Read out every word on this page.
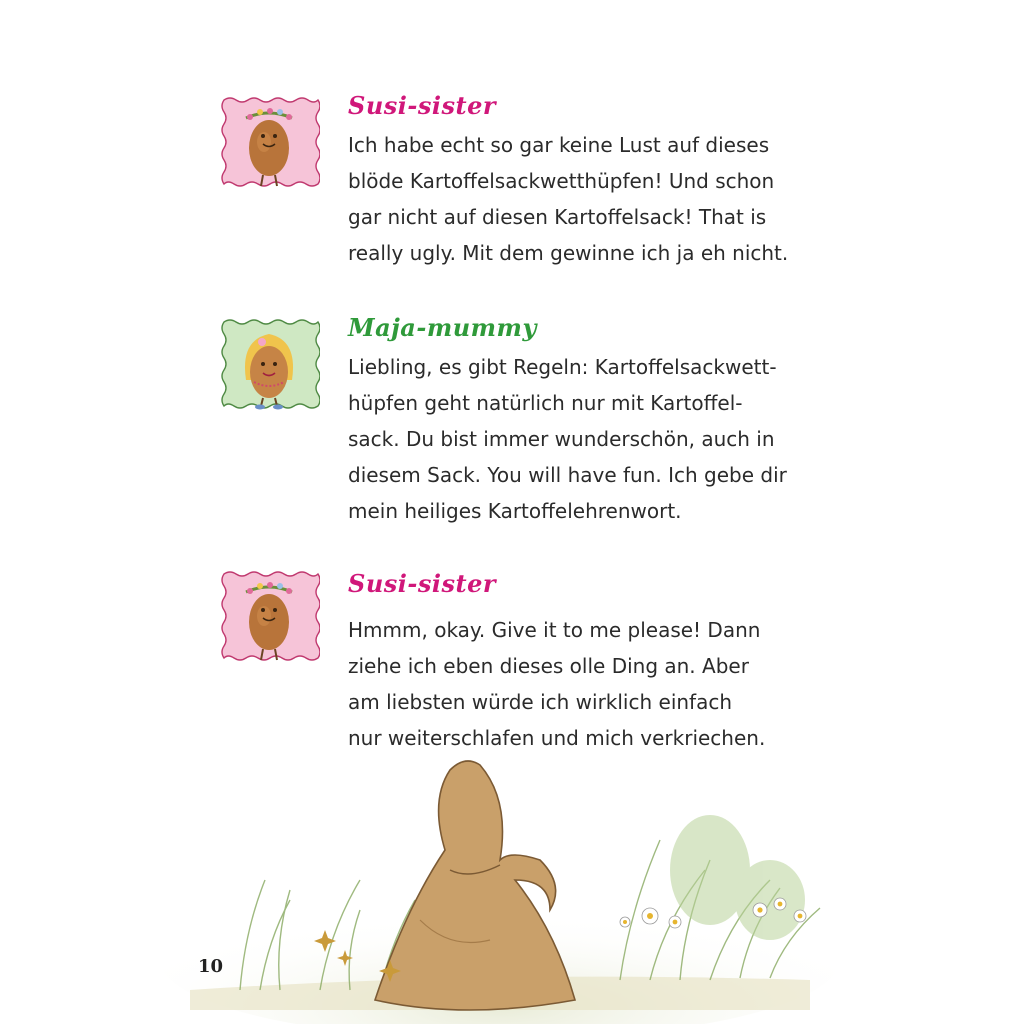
Susi-sister
Ich habe echt so gar keine Lust auf dieses
blöde Kartoffelsackwetthüpfen! Und schon
gar nicht auf diesen Kartoffelsack! That is
really ugly. Mit dem gewinne ich ja eh nicht.
Maja-mummy
Liebling, es gibt Regeln: Kartoffelsackwett-
hüpfen geht natürlich nur mit Kartoffel-
sack. Du bist immer wunderschön, auch in
diesem Sack. You will have fun. Ich gebe dir
mein heiliges Kartoffelehrenwort.
Susi-sister
Hmmm, okay. Give it to me please! Dann
ziehe ich eben dieses olle Ding an. Aber
am liebsten würde ich wirklich einfach
nur weiterschlafen und mich verkriechen.
10
